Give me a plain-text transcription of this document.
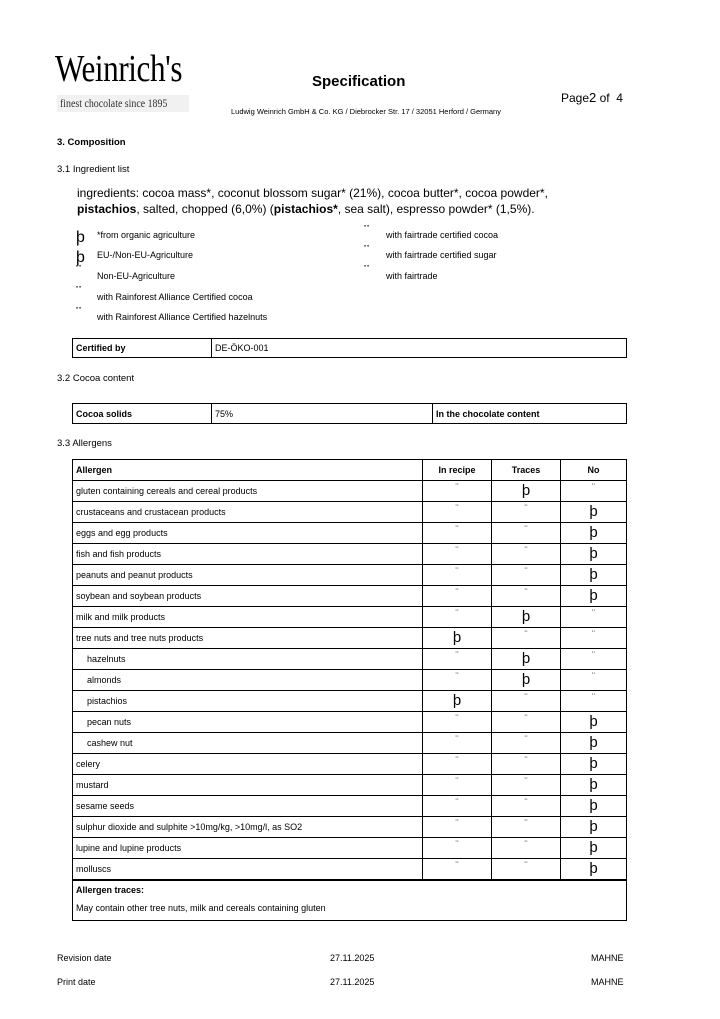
Weinrich's
finest chocolate since 1895
Specification
Page2 of 4
Ludwig Weinrich GmbH & Co. KG / Diebrocker Str. 17 / 32051 Herford / Germany
3. Composition
3.1 Ingredient list
ingredients: cocoa mass*, coconut blossom sugar* (21%), cocoa butter*, cocoa powder*, pistachios, salted, chopped (6,0%) (pistachios*, sea salt), espresso powder* (1,5%).
þ *from organic agriculture
þ EU-/Non-EU-Agriculture
¨ Non-EU-Agriculture
¨ with Rainforest Alliance Certified cocoa
¨ with Rainforest Alliance Certified hazelnuts
¨ with fairtrade certified cocoa
¨ with fairtrade certified sugar
¨ with fairtrade
Certified by	DE-ÖKO-001
3.2 Cocoa content
Cocoa solids	75%	In the chocolate content
3.3 Allergens
Allergen	In recipe	Traces	No
gluten containing cereals and cereal products	¨	þ	¨
crustaceans and crustacean products	¨	¨	þ
eggs and egg products	¨	¨	þ
fish and fish products	¨	¨	þ
peanuts and peanut products	¨	¨	þ
soybean and soybean products	¨	¨	þ
milk and milk products	¨	þ	¨
tree nuts and tree nuts products	þ	¨	¨
hazelnuts	¨	þ	¨
almonds	¨	þ	¨
pistachios	þ	¨	¨
pecan nuts	¨	¨	þ
cashew nut	¨	¨	þ
celery	¨	¨	þ
mustard	¨	¨	þ
sesame seeds	¨	¨	þ
sulphur dioxide and sulphite >10mg/kg, >10mg/l, as SO2	¨	¨	þ
lupine and lupine products	¨	¨	þ
molluscs	¨	¨	þ
Allergen traces:
May contain other tree nuts, milk and cereals containing gluten
Revision date	27.11.2025	MAHNE
Print date	27.11.2025	MAHNE
